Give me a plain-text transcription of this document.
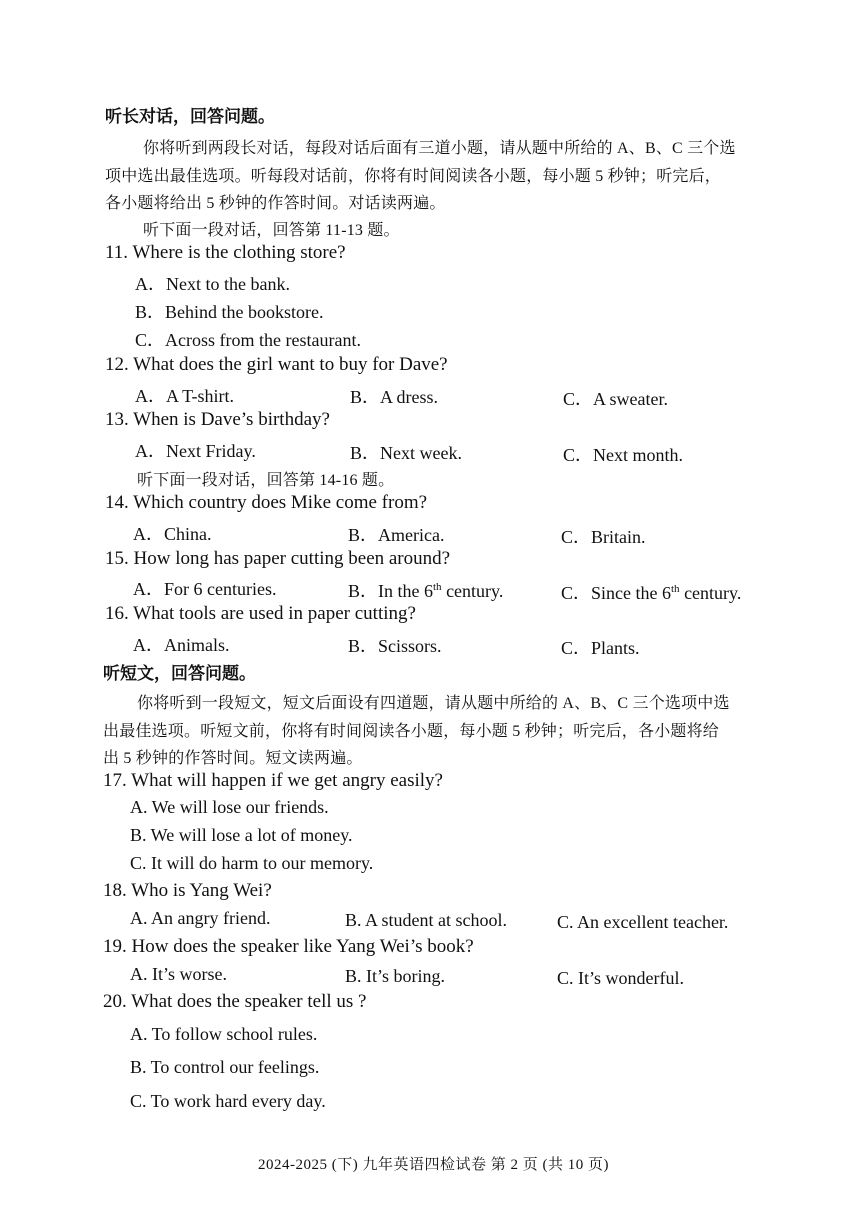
听长对话，回答问题。
你将听到两段长对话，每段对话后面有三道小题，请从题中所给的 A、B、C 三个选
项中选出最佳选项。听每段对话前，你将有时间阅读各小题，每小题 5 秒钟；听完后，
各小题将给出 5 秒钟的作答时间。对话读两遍。
听下面一段对话，回答第 11-13 题。
11. Where is the clothing store?
A．Next to the bank.
B．Behind the bookstore.
C．Across from the restaurant.
12. What does the girl want to buy for Dave?
A．A T-shirt.	B．A dress.	C．A sweater.
13. When is Dave’s birthday?
A．Next Friday.	B．Next week.	C．Next month.
听下面一段对话，回答第 14-16 题。
14. Which country does Mike come from?
A．China.	B．America.	C．Britain.
15. How long has paper cutting been around?
A．For 6 centuries.	B．In the 6th century.	C．Since the 6th century.
16. What tools are used in paper cutting?
A．Animals.	B．Scissors.	C．Plants.
听短文，回答问题。
你将听到一段短文，短文后面设有四道题，请从题中所给的 A、B、C 三个选项中选
出最佳选项。听短文前，你将有时间阅读各小题，每小题 5 秒钟；听完后，各小题将给
出 5 秒钟的作答时间。短文读两遍。
17. What will happen if we get angry easily?
A. We will lose our friends.
B. We will lose a lot of money.
C. It will do harm to our memory.
18. Who is Yang Wei?
A. An angry friend.	B. A student at school.	C. An excellent teacher.
19. How does the speaker like Yang Wei’s book?
A. It’s worse.	B. It’s boring.	C. It’s wonderful.
20. What does the speaker tell us ?
A. To follow school rules.
B. To control our feelings.
C. To work hard every day.
2024-2025 (下) 九年英语四检试卷 第 2 页 (共 10 页)
